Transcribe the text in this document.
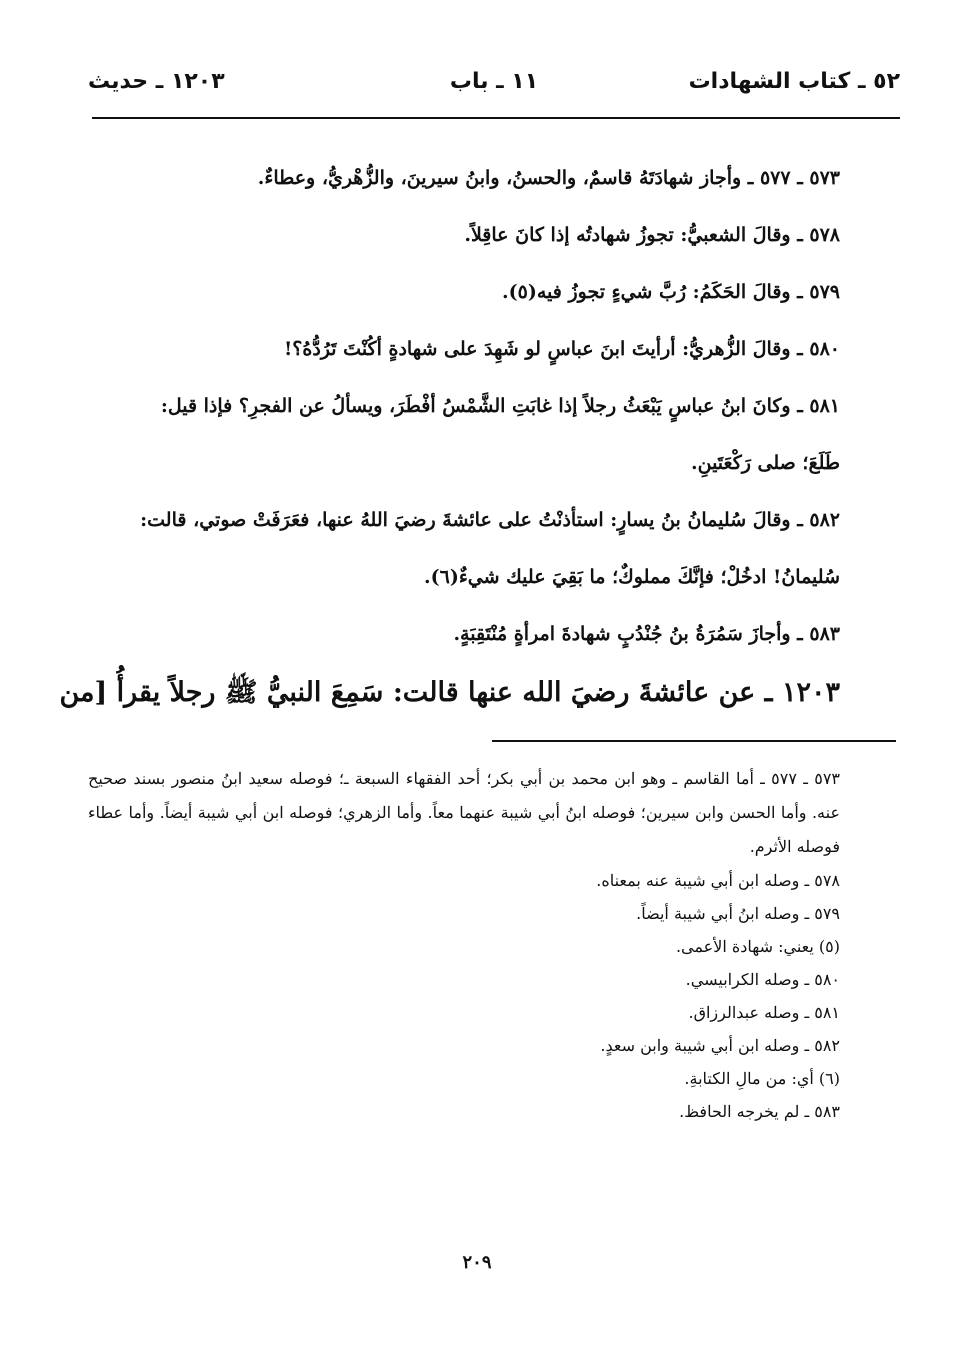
٥٢ ـ كتاب الشهادات
١١ ـ باب
١٢٠٣ ـ حديث

٥٧٣ ـ ٥٧٧ ـ وأجاز شهادَتَهُ قاسمٌ، والحسنُ، وابنُ سيرينَ، والزُّهْريُّ، وعطاءٌ.

٥٧٨ ـ وقالَ الشعبيُّ: تجوزُ شهادتُه إذا كانَ عاقِلاً.

٥٧٩ ـ وقالَ الحَكَمُ: رُبَّ شيءٍ تجوزُ فيه(٥).

٥٨٠ ـ وقالَ الزُّهريُّ: أرأيتَ ابنَ عباسٍ لو شَهِدَ على شهادةٍ أكُنْتَ تَرُدُّهُ؟!

٥٨١ ـ وكانَ ابنُ عباسٍ يَبْعَثُ رجلاً إذا غابَتِ الشَّمْسُ أفْطَرَ، ويسألُ عن الفجرِ؟ فإذا قيل:

طَلَعَ؛ صلى رَكْعَتَينِ.

٥٨٢ ـ وقالَ سُليمانُ بنُ يسارٍ: استأذنْتُ على عائشةَ رضيَ اللهُ عنها، فعَرَفَتْ صوتي، قالت:

سُليمانُ! ادخُلْ؛ فإنَّكَ مملوكٌ؛ ما بَقِيَ عليك شيءٌ(٦).

٥٨٣ ـ وأجازَ سَمُرَةُ بنُ جُنْدُبٍ شهادةَ امرأةٍ مُنْتَقِبَةٍ.

١٢٠٣ ـ عن عائشةَ رضيَ الله عنها قالت: سَمِعَ النبيُّ ﷺ رجلاً يقرأُ [من

٥٧٣ ـ ٥٧٧ ـ أما القاسم ـ وهو ابن محمد بن أبي بكر؛ أحد الفقهاء السبعة ـ؛ فوصله سعيد ابنُ منصور بسند صحيح عنه. وأما الحسن وابن سيرين؛ فوصله ابنُ أبي شيبة عنهما معاً. وأما الزهري؛ فوصله ابن أبي شيبة أيضاً. وأما عطاء فوصله الأثرم.

٥٧٨ ـ وصله ابن أبي شيبة عنه بمعناه.

٥٧٩ ـ وصله ابنُ أبي شيبة أيضاً.

(٥) يعني: شهادة الأعمى.

٥٨٠ ـ وصله الكرابيسي.

٥٨١ ـ وصله عبدالرزاق.

٥٨٢ ـ وصله ابن أبي شيبة وابن سعدٍ.

(٦) أي: من مالِ الكتابةِ.

٥٨٣ ـ لم يخرجه الحافظ.

٢٠٩
